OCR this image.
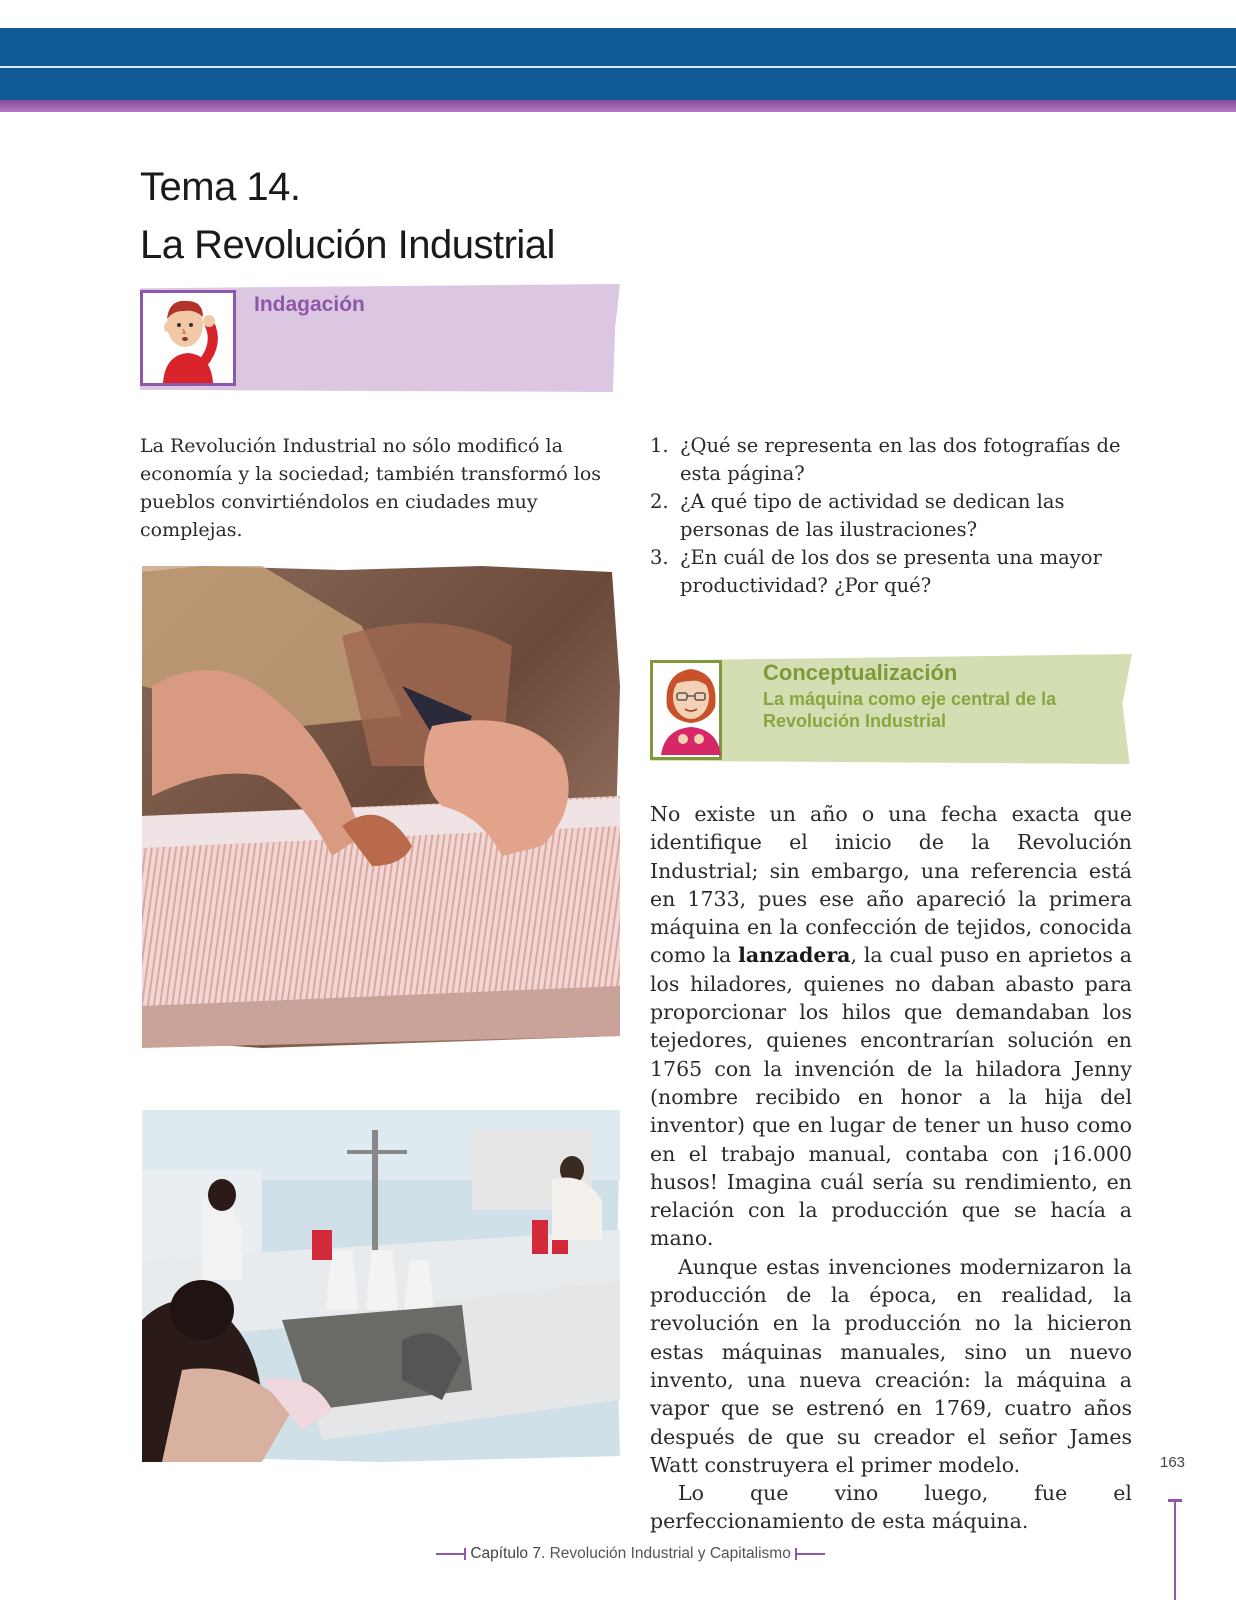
Tema 14.
La Revolución Industrial
Indagación
La Revolución Industrial no sólo modificó la economía y la sociedad; también transformó los pueblos convirtiéndolos en ciudades muy complejas.
1. ¿Qué se representa en las dos fotografías de esta página?
2. ¿A qué tipo de actividad se dedican las personas de las ilustraciones?
3. ¿En cuál de los dos se presenta una mayor productividad? ¿Por qué?
Conceptualización
La máquina como eje central de la Revolución Industrial

No existe un año o una fecha exacta que identifique el inicio de la Revolución Industrial; sin embargo, una referencia está en 1733, pues ese año apareció la primera máquina en la confección de tejidos, conocida como la lanzadera, la cual puso en aprietos a los hiladores, quienes no daban abasto para proporcionar los hilos que demandaban los tejedores, quienes encontrarían solución en 1765 con la invención de la hiladora Jenny (nombre recibido en honor a la hija del inventor) que en lugar de tener un huso como en el trabajo manual, contaba con ¡16.000 husos! Imagina cuál sería su rendimiento, en relación con la producción que se hacía a mano.

Aunque estas invenciones modernizaron la producción de la época, en realidad, la revolución en la producción no la hicieron estas máquinas manuales, sino un nuevo invento, una nueva creación: la máquina a vapor que se estrenó en 1769, cuatro años después de que su creador el señor James Watt construyera el primer modelo.

Lo que vino luego, fue el perfeccionamiento de esta máquina.

163
Capítulo 7. Revolución Industrial y Capitalismo
